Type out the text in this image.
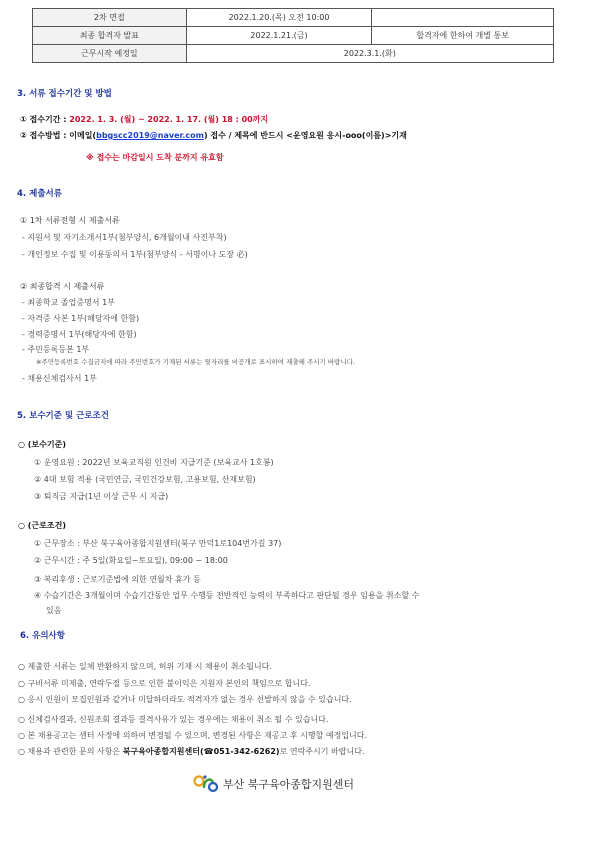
2차 면접	2022.1.20.(목) 오전 10:00	
최종 합격자 발표	2022.1.21.(금)	합격자에 한하여 개별 통보
근무시작 예정일	2022.3.1.(화)	
3. 서류 접수기간 및 방법
① 접수기간 : 2022. 1. 3. (월) ~ 2022. 1. 17. (월) 18 : 00까지
② 접수방법 : 이메일(bbgscc2019@naver.com) 접수 / 제목에 반드시 <운영요원 응시-ooo(이름)>기재
※ 접수는 마감일시 도착 분까지 유효함
4. 제출서류
① 1차 서류전형 시 제출서류
- 지원서 및 자기소개서1부(첨부양식, 6개월이내 사진부착)
- 개인정보 수집 및 이용동의서 1부(첨부양식 - 서명이나 도장 必)
② 최종합격 시 제출서류
- 최종학교 졸업증명서 1부
- 자격증 사본 1부(해당자에 한함)
- 경력증명서 1부(해당자에 한함)
- 주민등록등본 1부
※주민등록번호 수집금지에 따라 주민번호가 기재된 서류는 뒷자리를 비공개로 표시하여 제출해 주시기 바랍니다.
- 채용신체검사서 1부
5. 보수기준 및 근로조건
○ (보수기준)
① 운영요원 : 2022년 보육교직원 인건비 지급기준 (보육교사 1호봉)
② 4대 보험 적용 (국민연금, 국민건강보험, 고용보험, 산재보험)
③ 퇴직금 지급(1년 이상 근무 시 지급)
○ (근로조건)
① 근무장소 : 부산 북구육아종합지원센터(북구 만덕1로104번가길 37)
② 근무시간 : 주 5일(화요일~토요일), 09:00 ~ 18:00
③ 복리후생 : 근로기준법에 의한 연월차 휴가 등
④ 수습기간은 3개월이며 수습기간동안 업무 수행등 전반적인 능력이 부족하다고 판단될 경우 임용을 취소할 수
있음
6. 유의사항
○ 제출한 서류는 일체 반환하지 않으며, 허위 기재 시 채용이 취소됩니다.
○ 구비서류 미제출, 연락두절 등으로 인한 불이익은 지원자 본인의 책임으로 합니다.
○ 응시 인원이 모집인원과 같거나 미달하더라도 적격자가 없는 경우 선발하지 않을 수 있습니다.
○ 신체검사결과, 신원조회 결과등 결격사유가 있는 경우에는 채용이 취소 될 수 있습니다.
○ 본 채용공고는 센터 사정에 의하여 변경될 수 있으며, 변경된 사항은 재공고 후 시행할 예정입니다.
○ 채용과 관련한 문의 사항은 북구육아종합지원센터(☎051-342-6262)로 연락주시기 바랍니다.
부산 북구육아종합지원센터
